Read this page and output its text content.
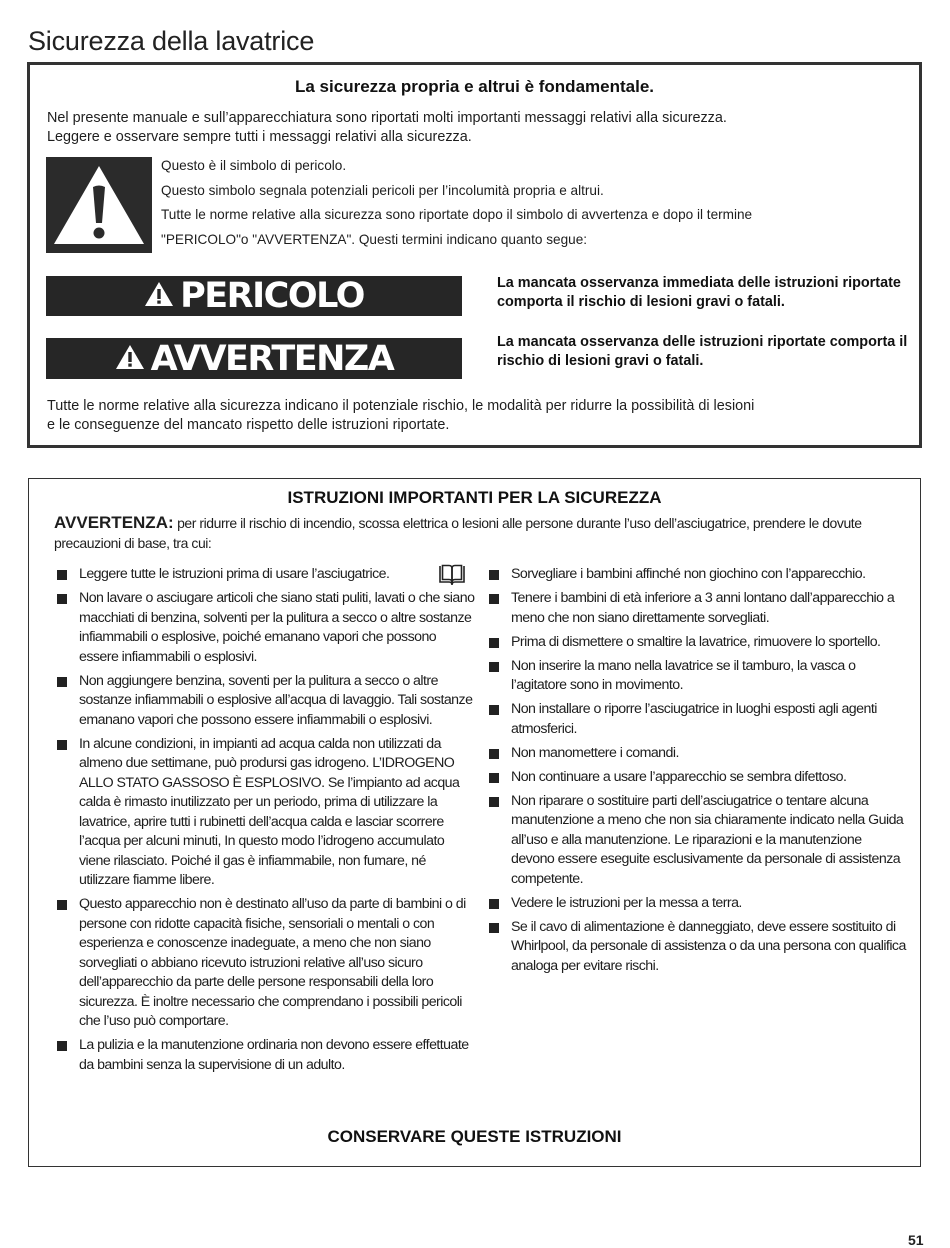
Sicurezza della lavatrice
La sicurezza propria e altrui è fondamentale.
Nel presente manuale e sull’apparecchiatura sono riportati molti importanti messaggi relativi alla sicurezza.
Leggere e osservare sempre tutti i messaggi relativi alla sicurezza.
Questo è il simbolo di pericolo.
Questo simbolo segnala potenziali pericoli per l’incolumità propria e altrui.
Tutte le norme relative alla sicurezza sono riportate dopo il simbolo di avvertenza e dopo il termine
"PERICOLO"o "AVVERTENZA". Questi termini indicano quanto segue:
PERICOLO	La mancata osservanza immediata delle istruzioni riportate comporta il rischio di lesioni gravi o fatali.
AVVERTENZA	La mancata osservanza delle istruzioni riportate comporta il rischio di lesioni gravi o fatali.
Tutte le norme relative alla sicurezza indicano il potenziale rischio, le modalità per ridurre la possibilità di lesioni
e le conseguenze del mancato rispetto delle istruzioni riportate.
ISTRUZIONI IMPORTANTI PER LA SICUREZZA
AVVERTENZA: per ridurre il rischio di incendio, scossa elettrica o lesioni alle persone durante l’uso dell’asciugatrice, prendere le dovute precauzioni di base, tra cui:
Leggere tutte le istruzioni prima di usare l’asciugatrice.
Non lavare o asciugare articoli che siano stati puliti, lavati o che siano macchiati di benzina, solventi per la pulitura a secco o altre sostanze infiammabili o esplosive, poiché emanano vapori che possono essere infiammabili o esplosivi.
Non aggiungere benzina, soventi per la pulitura a secco o altre sostanze infiammabili o esplosive all’acqua di lavaggio. Tali sostanze emanano vapori che possono essere infiammabili o esplosivi.
In alcune condizioni, in impianti ad acqua calda non utilizzati da almeno due settimane, può prodursi gas idrogeno. L’IDROGENO ALLO STATO GASSOSO È ESPLOSIVO. Se l’impianto ad acqua calda è rimasto inutilizzato per un periodo, prima di utilizzare la lavatrice, aprire tutti i rubinetti dell’acqua calda e lasciar scorrere l’acqua per alcuni minuti, In questo modo l’idrogeno accumulato viene rilasciato. Poiché il gas è infiammabile, non fumare, né utilizzare fiamme libere.
Questo apparecchio non è destinato all’uso da parte di bambini o di persone con ridotte capacità fisiche, sensoriali o mentali o con esperienza e conoscenze inadeguate, a meno che non siano sorvegliati o abbiano ricevuto istruzioni relative all’uso sicuro dell’apparecchio da parte delle persone responsabili della loro sicurezza. È inoltre necessario che comprendano i possibili pericoli che l’uso può comportare.
La pulizia e la manutenzione ordinaria non devono essere effettuate da bambini senza la supervisione di un adulto.
Sorvegliare i bambini affinché non giochino con l’apparecchio.
Tenere i bambini di età inferiore a 3 anni lontano dall’apparecchio a meno che non siano direttamente sorvegliati.
Prima di dismettere o smaltire la lavatrice, rimuovere lo sportello.
Non inserire la mano nella lavatrice se il tamburo, la vasca o l’agitatore sono in movimento.
Non installare o riporre l’asciugatrice in luoghi esposti agli agenti atmosferici.
Non manomettere i comandi.
Non continuare a usare l’apparecchio se sembra difettoso.
Non riparare o sostituire parti dell’asciugatrice o tentare alcuna manutenzione a meno che non sia chiaramente indicato nella Guida all’uso e alla manutenzione. Le riparazioni e la manutenzione devono essere eseguite esclusivamente da personale di assistenza competente.
Vedere le istruzioni per la messa a terra.
Se il cavo di alimentazione è danneggiato, deve essere sostituito di Whirlpool, da personale di assistenza o da una persona con qualifica analoga per evitare rischi.
CONSERVARE QUESTE ISTRUZIONI
51
